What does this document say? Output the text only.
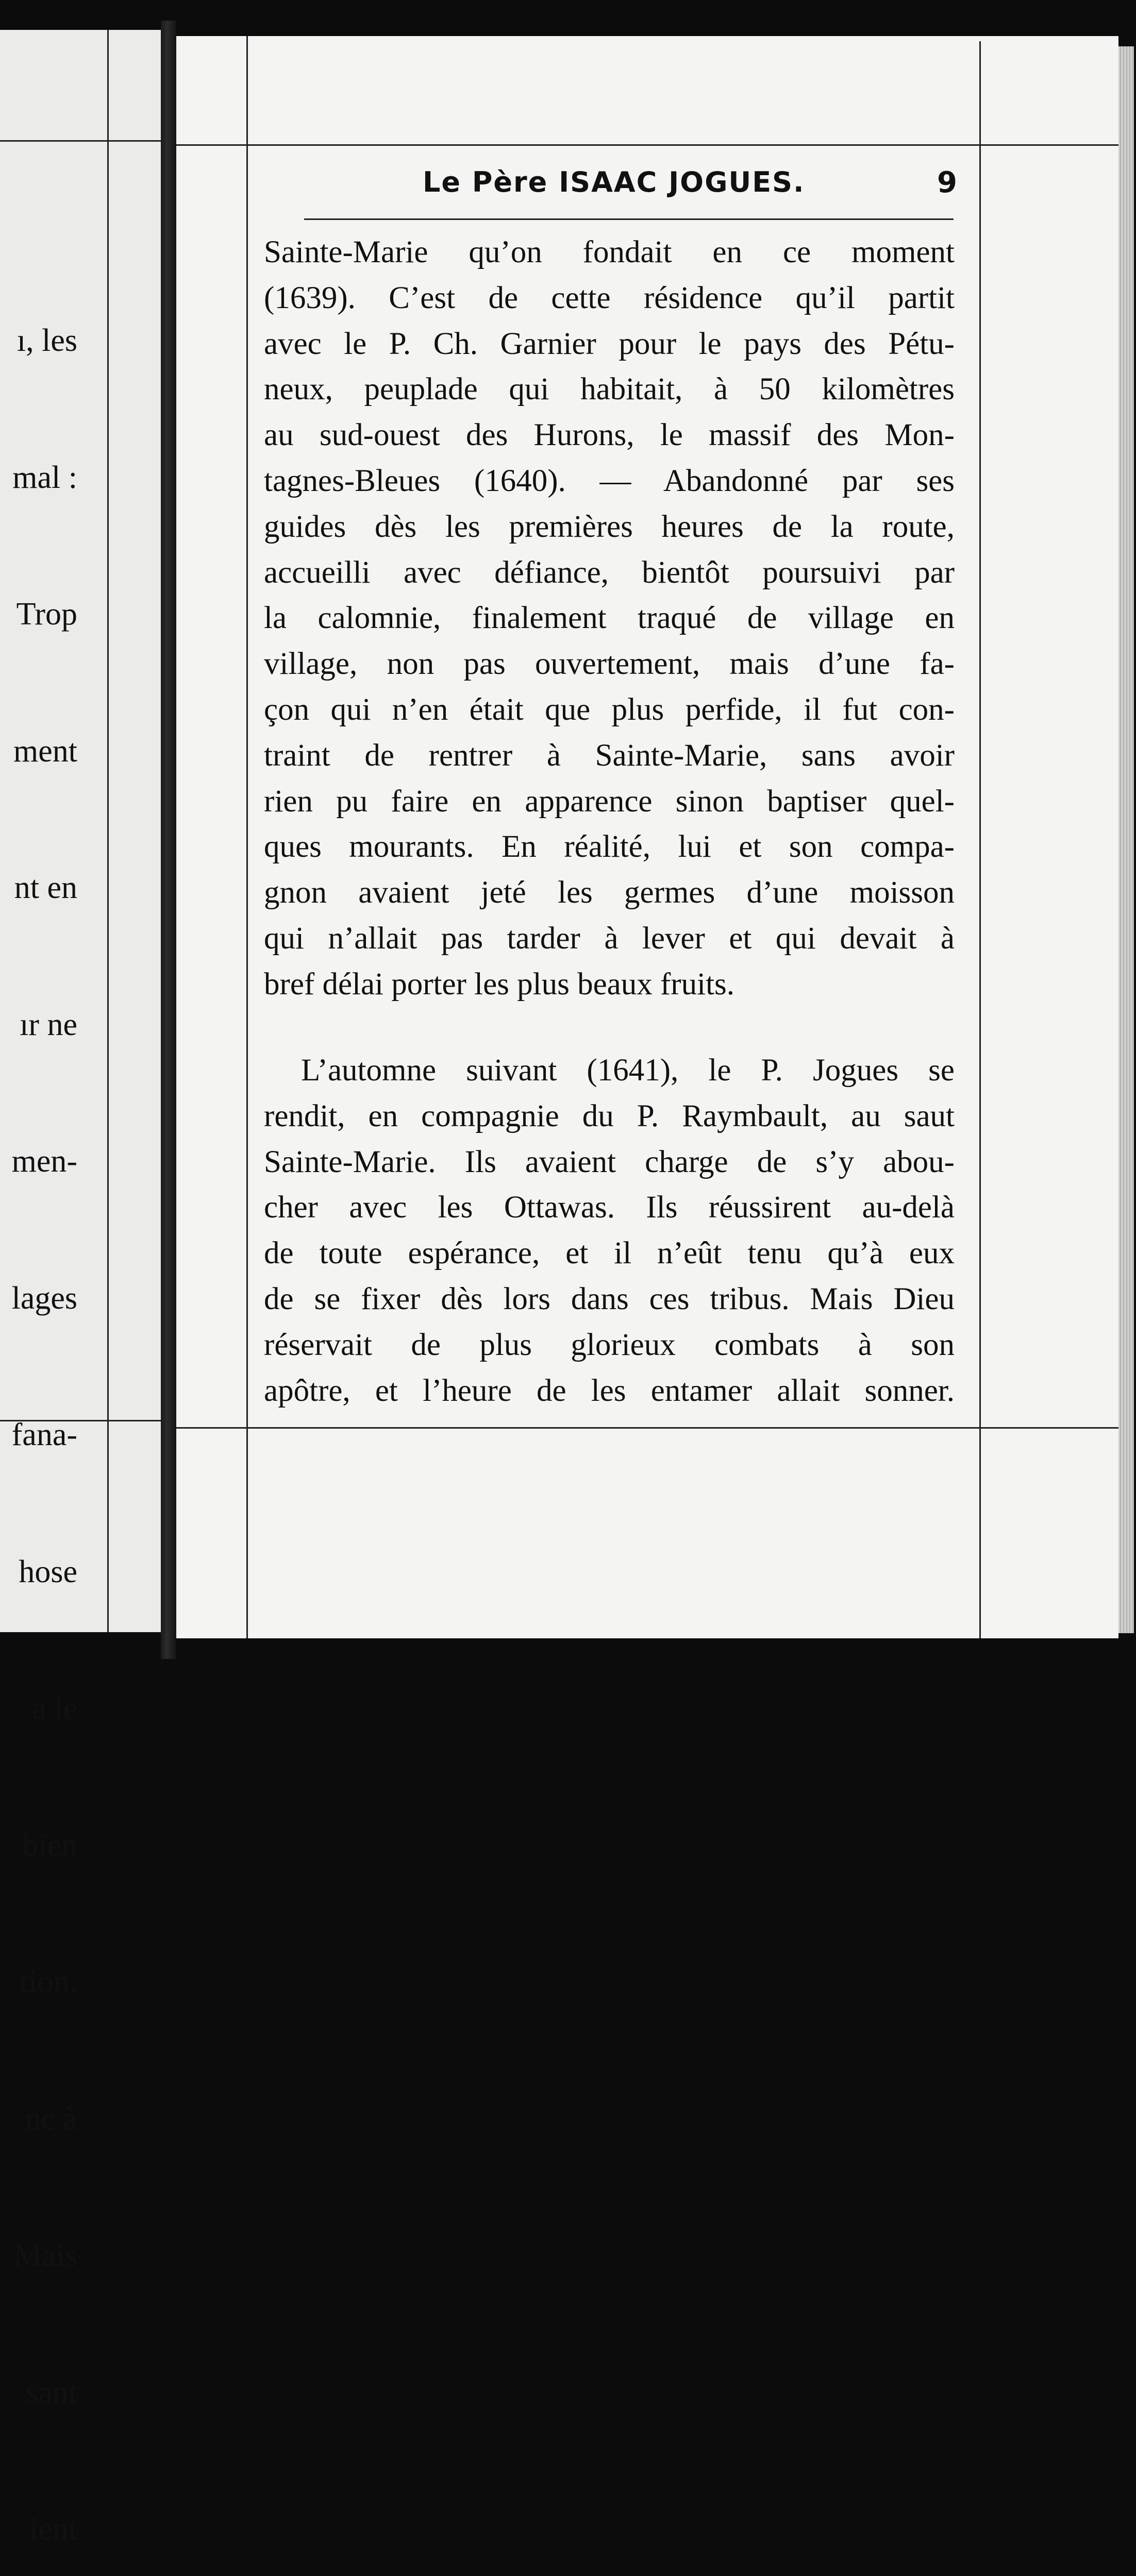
ı, les

mal :

Trop

ment

nt en

ır ne

men-

lages

fana-

hose

a le

bien

tion.

nc à

Mais

sant

ient

Le Père ISAAC JOGUES.	9
Sainte-Marie qu’on fondait en ce moment
(1639). C’est de cette résidence qu’il partit
avec le P. Ch. Garnier pour le pays des Pétu-
neux, peuplade qui habitait, à 50 kilomètres
au sud-ouest des Hurons, le massif des Mon-
tagnes-Bleues (1640). — Abandonné par ses
guides dès les premières heures de la route,
accueilli avec défiance, bientôt poursuivi par
la calomnie, finalement traqué de village en
village, non pas ouvertement, mais d’une fa-
çon qui n’en était que plus perfide, il fut con-
traint de rentrer à Sainte-Marie, sans avoir
rien pu faire en apparence sinon baptiser quel-
ques mourants. En réalité, lui et son compa-
gnon avaient jeté les germes d’une moisson
qui n’allait pas tarder à lever et qui devait à
bref délai porter les plus beaux fruits.
L’automne suivant (1641), le P. Jogues se
rendit, en compagnie du P. Raymbault, au saut
Sainte-Marie. Ils avaient charge de s’y abou-
cher avec les Ottawas. Ils réussirent au-delà
de toute espérance, et il n’eût tenu qu’à eux
de se fixer dès lors dans ces tribus. Mais Dieu
réservait de plus glorieux combats à son
apôtre, et l’heure de les entamer allait sonner.
